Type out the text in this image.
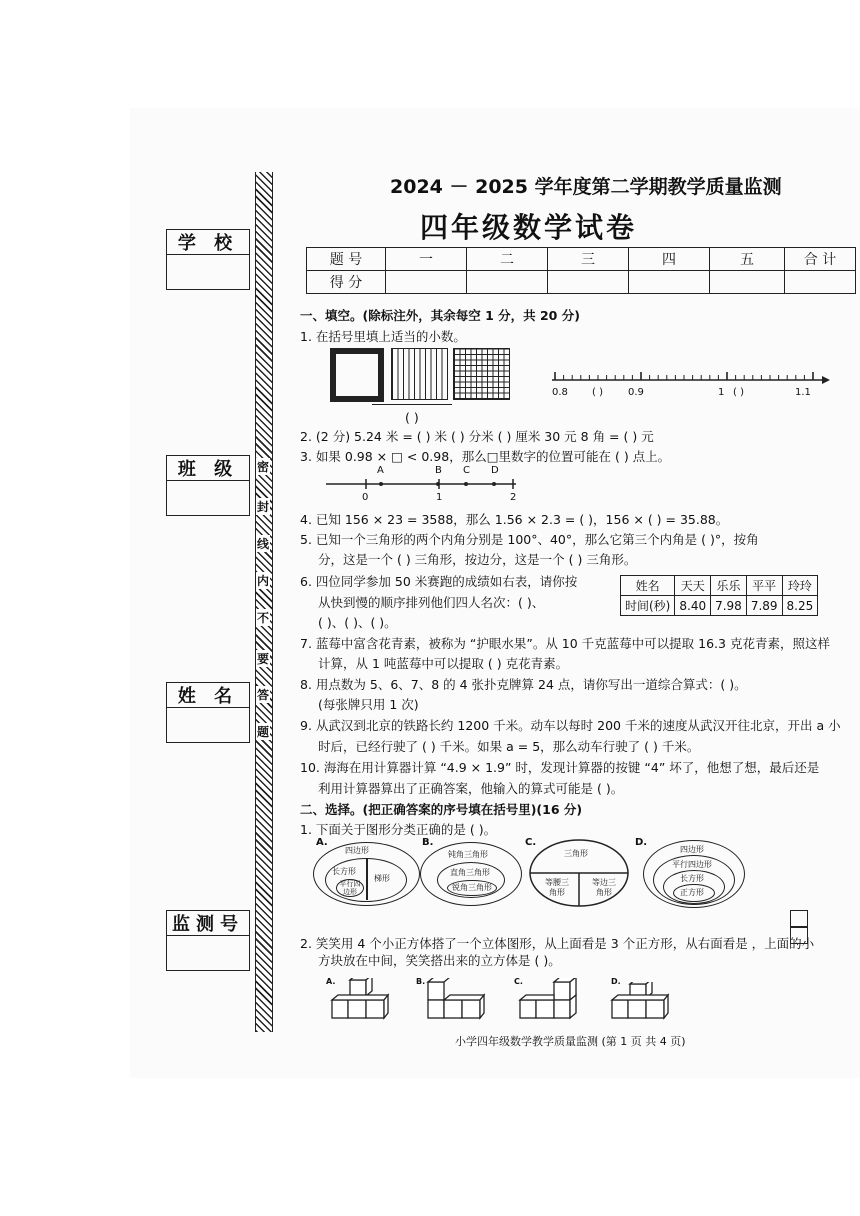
学 校
班 级
姓 名
监测号
密
封
线
内
不
要
答
题
2024 － 2025 学年度第二学期教学质量监测
四年级数学试卷
题 号	一	二	三	四	五	合 计
得 分						
一、填空。(除标注外，其余每空 1 分，共 20 分)
1. 在括号里填上适当的小数。
( )
0.8 ( )	0.9	1 ( )	1.1
2. (2 分) 5.24 米 = ( ) 米 ( ) 分米 ( ) 厘米 30 元 8 角 = ( ) 元
3. 如果 0.98 × □ < 0.98，那么□里数字的位置可能在 ( ) 点上。
A	B C D
0	1	2
4. 已知 156 × 23 = 3588，那么 1.56 × 2.3 = ( )，156 × ( ) = 35.88。
5. 已知一个三角形的两个内角分别是 100°、40°，那么它第三个内角是 ( )°，按角
分，这是一个 ( ) 三角形，按边分，这是一个 ( ) 三角形。
6. 四位同学参加 50 米赛跑的成绩如右表，请你按
从快到慢的顺序排列他们四人名次：( )、
( )、( )、( )。
姓名	天天	乐乐	平平	玲玲
时间(秒)	8.40	7.98	7.89	8.25
7. 蓝莓中富含花青素，被称为 “护眼水果”。从 10 千克蓝莓中可以提取 16.3 克花青素，照这样
计算，从 1 吨蓝莓中可以提取 ( ) 克花青素。
8. 用点数为 5、6、7、8 的 4 张扑克牌算 24 点，请你写出一道综合算式：( )。
(每张牌只用 1 次)
9. 从武汉到北京的铁路长约 1200 千米。动车以每时 200 千米的速度从武汉开往北京，开出 a 小
时后，已经行驶了 ( ) 千米。如果 a = 5，那么动车行驶了 ( ) 千米。
10. 海海在用计算器计算 “4.9 × 1.9” 时，发现计算器的按键 “4” 坏了，他想了想，最后还是
利用计算器算出了正确答案，他输入的算式可能是 ( )。
二、选择。(把正确答案的序号填在括号里)(16 分)
1. 下面关于图形分类正确的是 ( )。
A.	B.	C.	D.
四边形
长方形
平行四边形
梯形
钝角三角形
直角三角形
锐角三角形
三角形
等腰三角形
等边三角形
四边形
平行四边形
长方形
正方形
2. 笑笑用 4 个小正方体搭了一个立体图形，从上面看是 3 个正方形，从右面看是 ，上面的小
方块放在中间，笑笑搭出来的立方体是 ( )。
A.	B.	C.	D.
小学四年级数学教学质量监测 (第 1 页 共 4 页)
